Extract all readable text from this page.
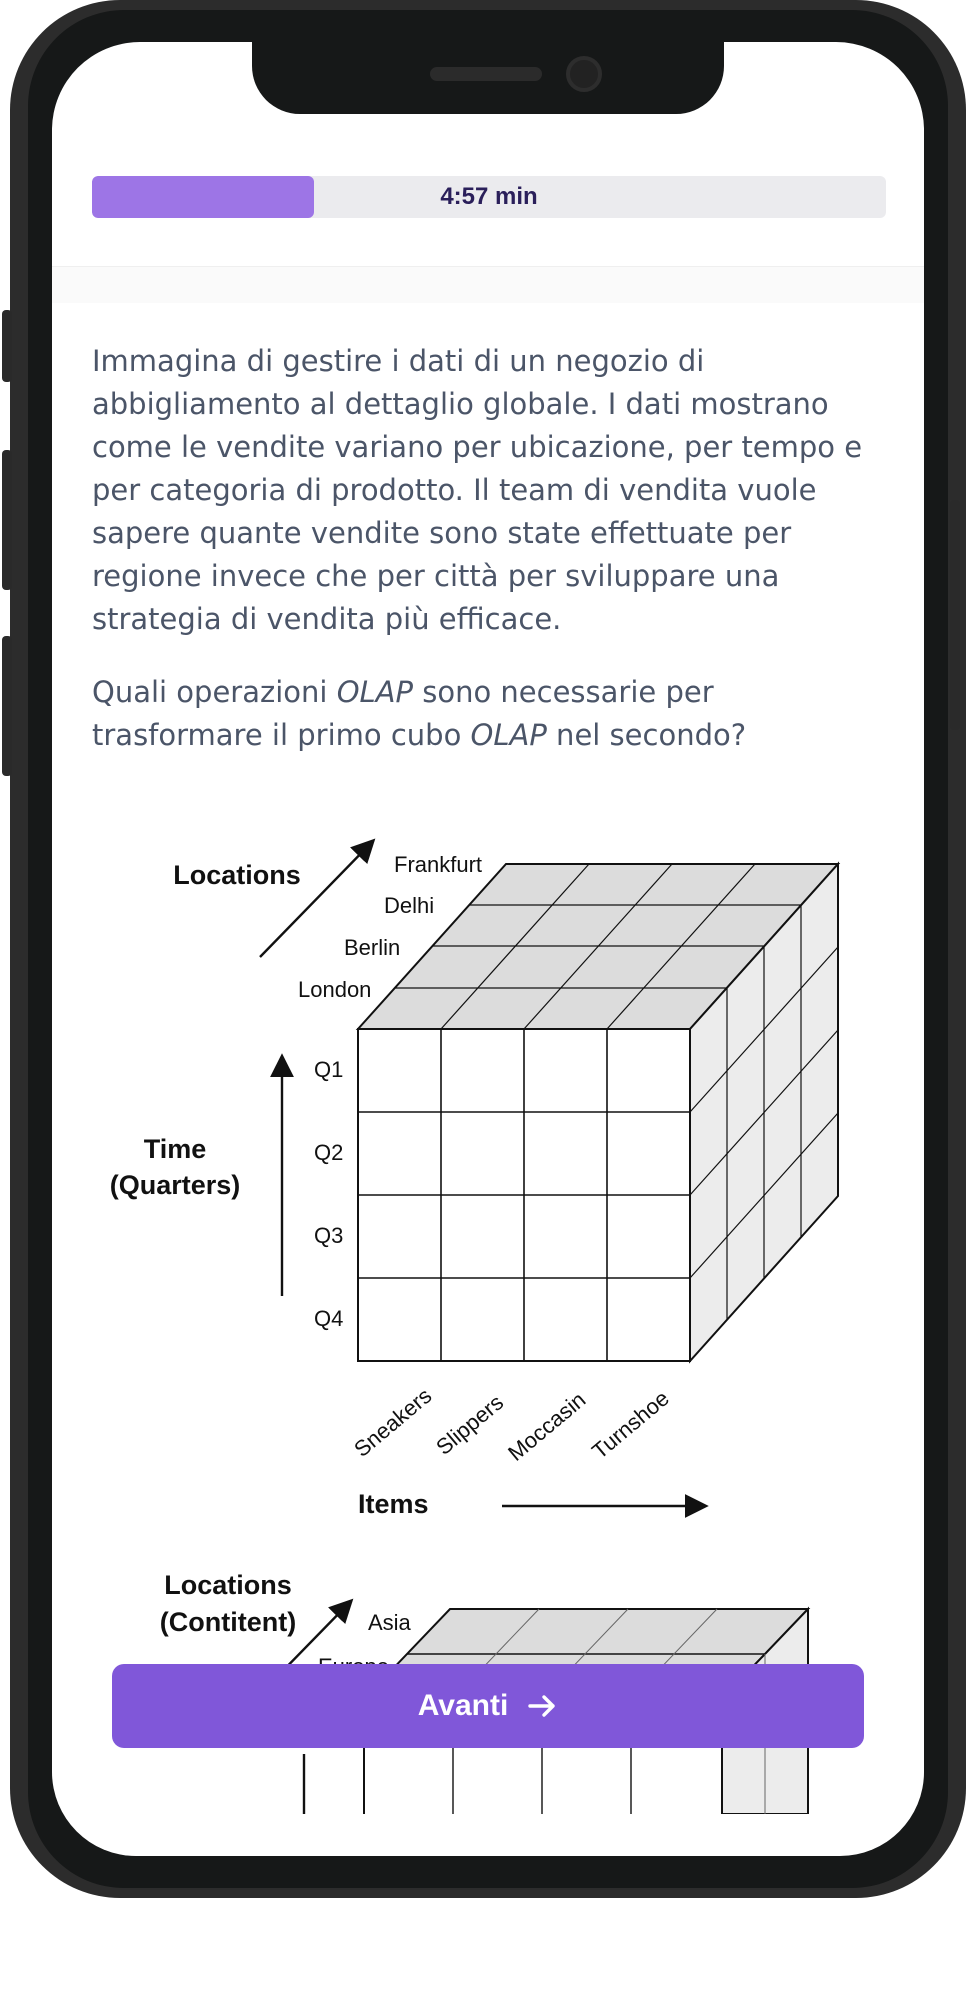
4:57 min

Immagina di gestire i dati di un negozio di abbigliamento al dettaglio globale. I dati mostrano come le vendite variano per ubicazione, per tempo e per categoria di prodotto. Il team di vendita vuole sapere quante vendite sono state effettuate per regione invece che per città per sviluppare una strategia di vendita più efficace.

Quali operazioni OLAP sono necessarie per trasformare il primo cubo OLAP nel secondo?

Locations	Frankfurt
Delhi
Berlin
London
Time
(Quarters)
Q1
Q2
Q3
Q4
Sneakers
Slippers
Moccasin
Turnshoe
Items
Locations
(Contitent)	Asia
Avanti
